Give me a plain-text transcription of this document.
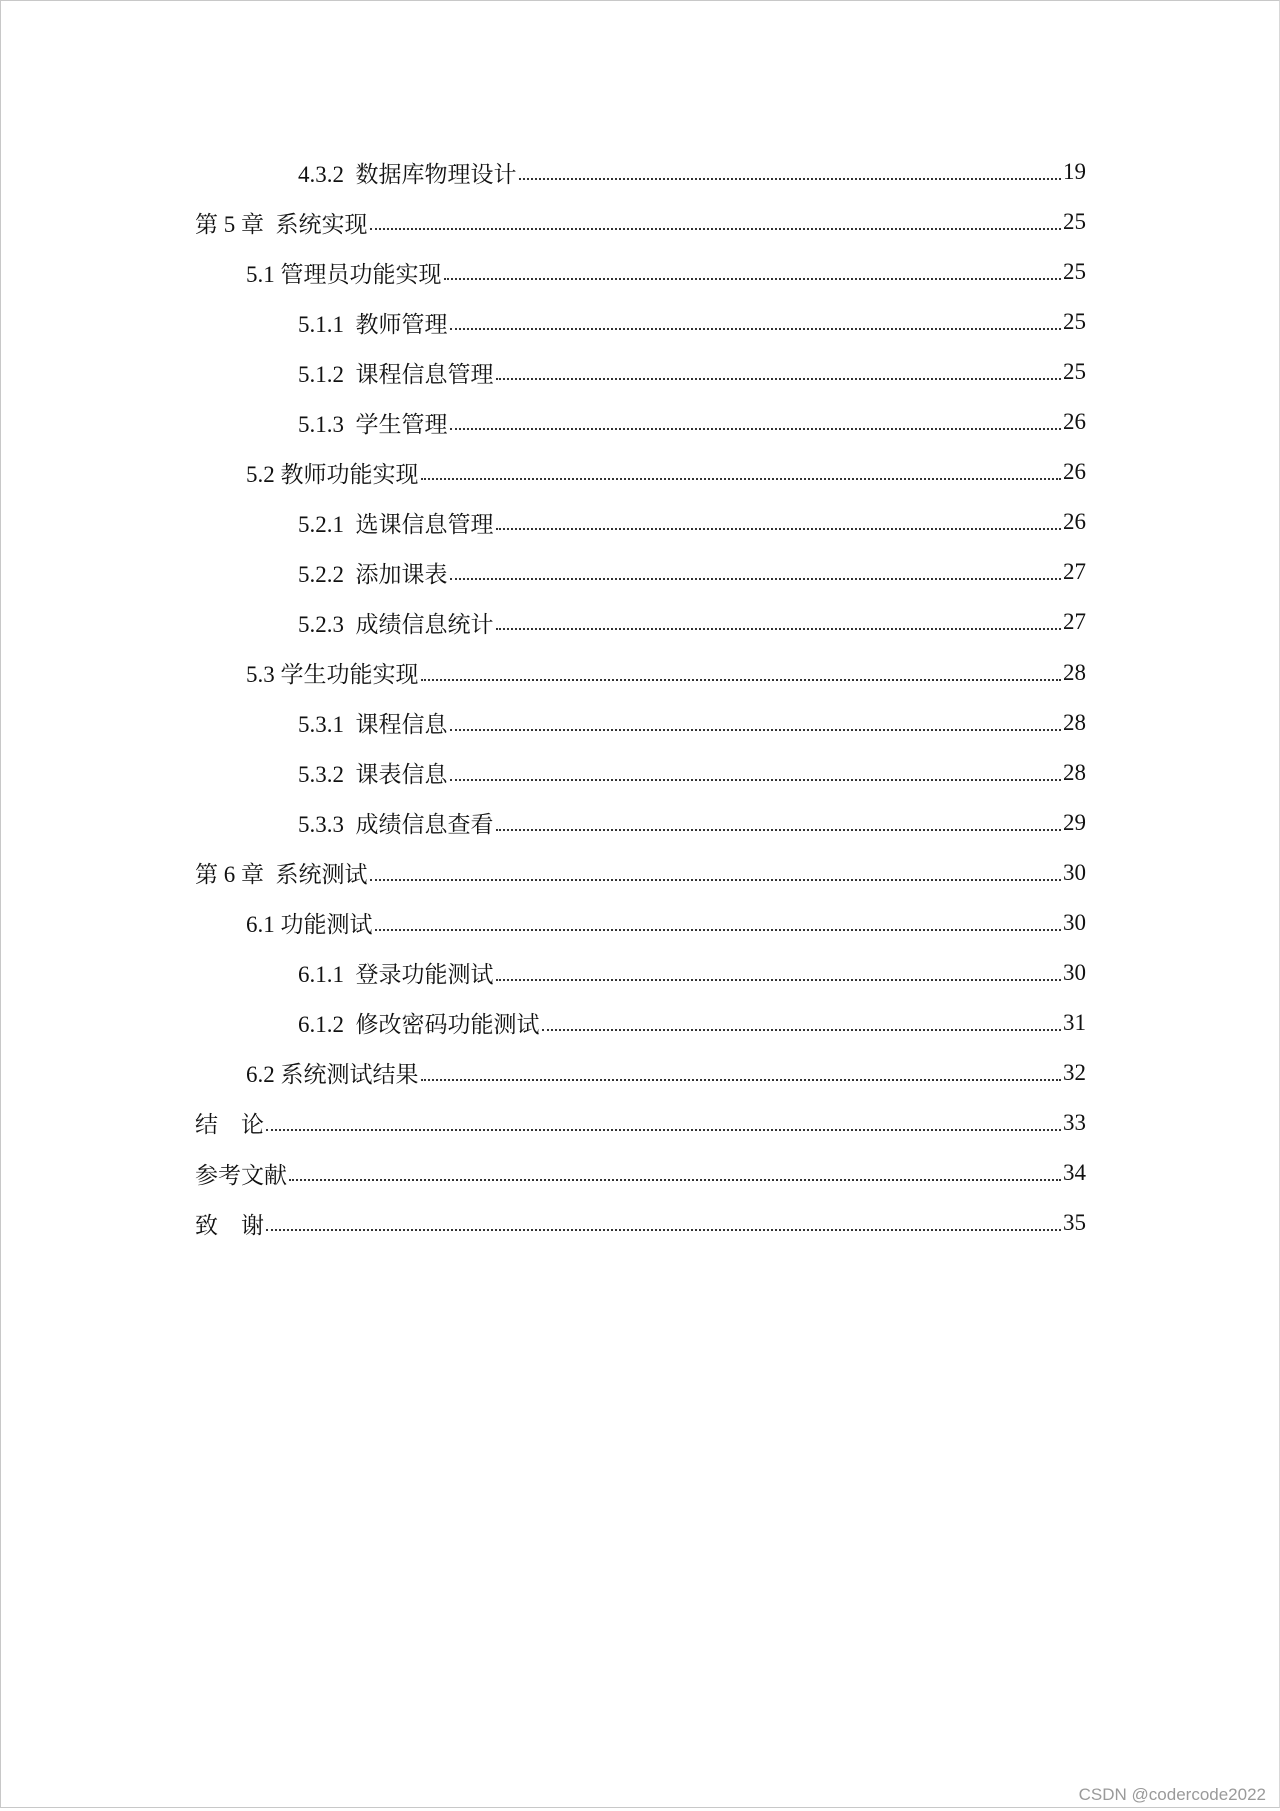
4.3.2  数据库物理设计	19
第 5 章  系统实现	25
5.1 管理员功能实现	25
5.1.1  教师管理	25
5.1.2  课程信息管理	25
5.1.3  学生管理	26
5.2 教师功能实现	26
5.2.1  选课信息管理	26
5.2.2  添加课表	27
5.2.3  成绩信息统计	27
5.3 学生功能实现	28
5.3.1  课程信息	28
5.3.2  课表信息	28
5.3.3  成绩信息查看	29
第 6 章  系统测试	30
6.1 功能测试	30
6.1.1  登录功能测试	30
6.1.2  修改密码功能测试	31
6.2 系统测试结果	32
结    论	33
参考文献	34
致    谢	35
CSDN @codercode2022
